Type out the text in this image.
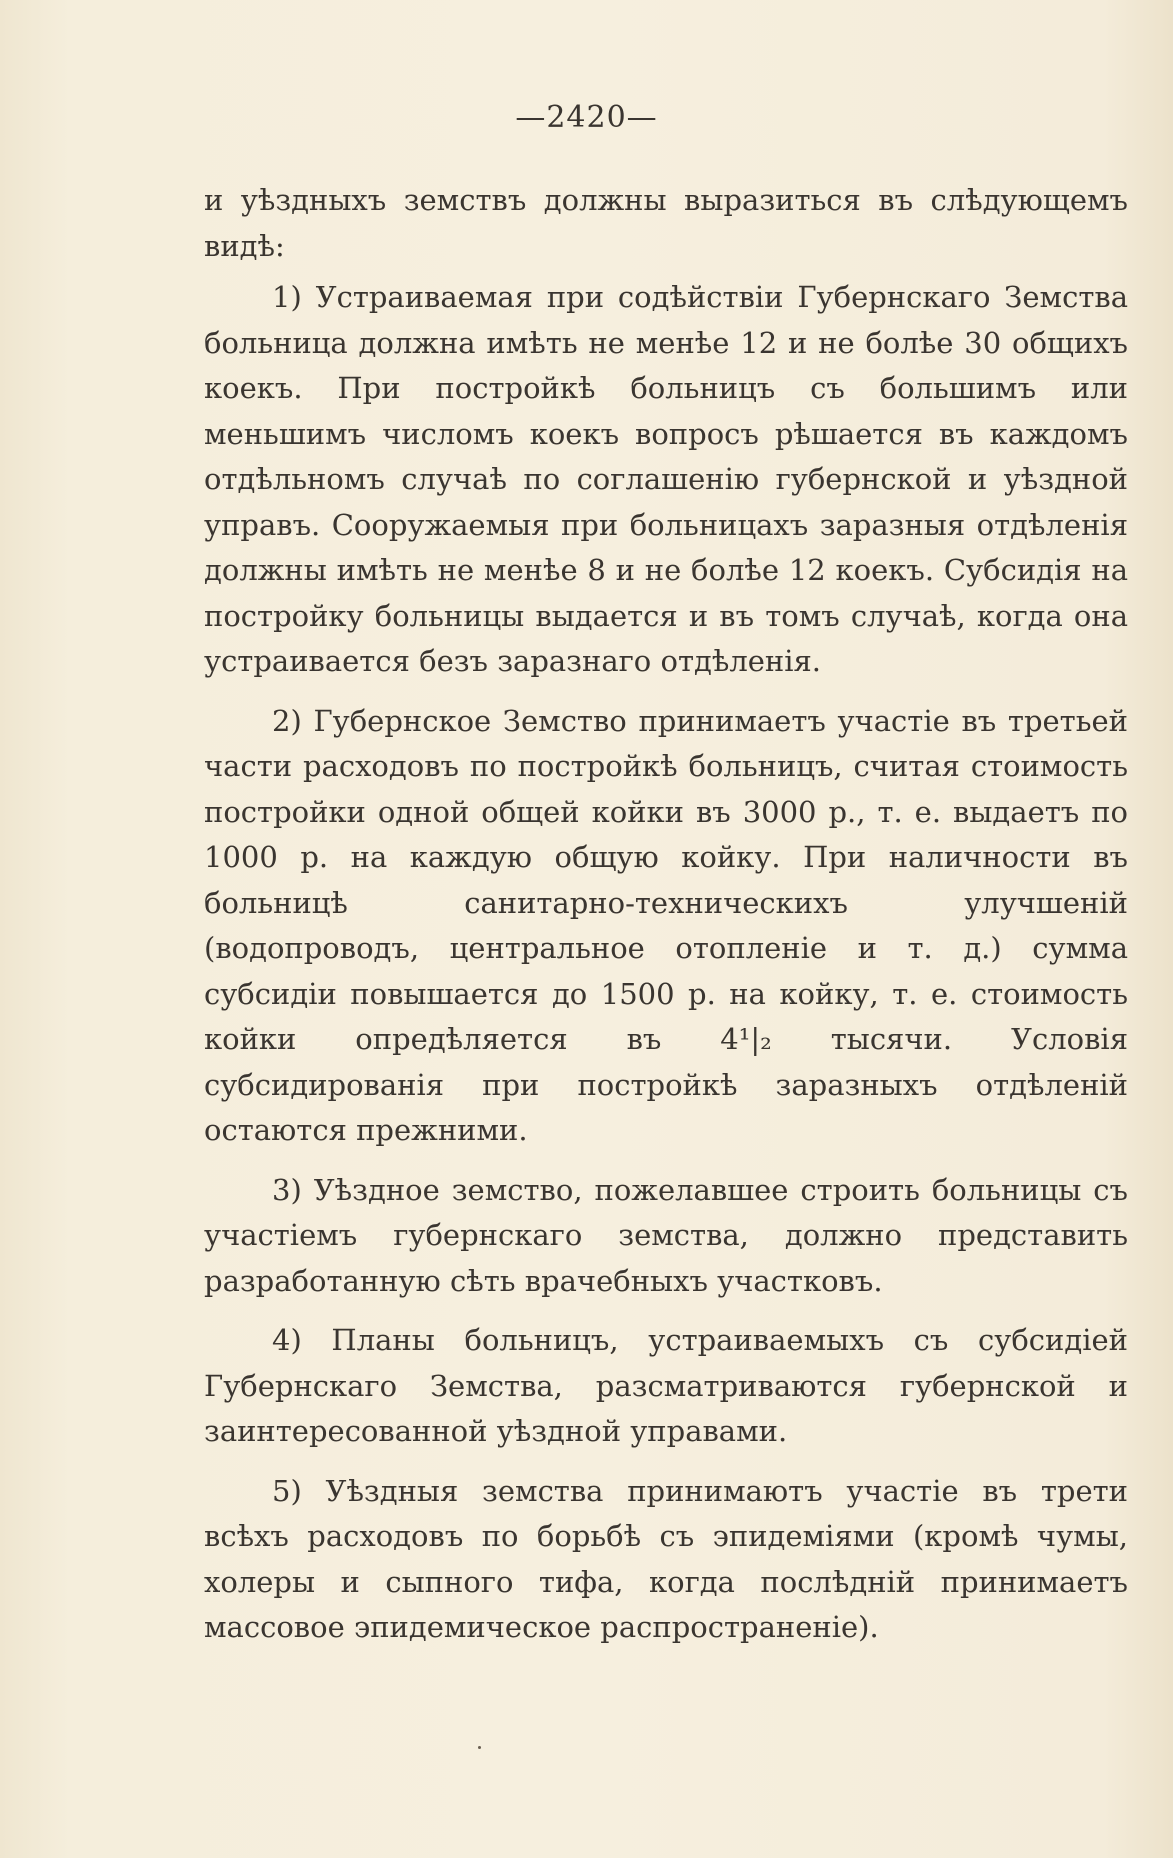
—2420—

и уѣздныхъ земствъ должны выразиться въ слѣдующемъ видѣ:

1) Устраиваемая при содѣйствіи Губернскаго Земства больница должна имѣть не менѣе 12 и не болѣе 30 общихъ коекъ. При постройкѣ больницъ съ большимъ или меньшимъ числомъ коекъ вопросъ рѣшается въ каждомъ отдѣльномъ случаѣ по соглашенію губернской и уѣздной управъ. Сооружаемыя при больницахъ заразныя отдѣленія должны имѣть не менѣе 8 и не болѣе 12 коекъ. Субсидія на постройку больницы выдается и въ томъ случаѣ, когда она устраивается безъ заразнаго отдѣленія.

2) Губернское Земство принимаетъ участіе въ третьей части расходовъ по постройкѣ больницъ, считая стоимость постройки одной общей койки въ 3000 р., т. е. выдаетъ по 1000 р. на каждую общую койку. При наличности въ больницѣ санитарно-техническихъ улучшеній (водопроводъ, центральное отопленіе и т. д.) сумма субсидіи повышается до 1500 р. на койку, т. е. стоимость койки опредѣляется въ 4¹|₂ тысячи. Условія субсидированія при постройкѣ заразныхъ отдѣленій остаются прежними.

3) Уѣздное земство, пожелавшее строить больницы съ участіемъ губернскаго земства, должно представить разработанную сѣть врачебныхъ участковъ.

4) Планы больницъ, устраиваемыхъ съ субсидіей Губернскаго Земства, разсматриваются губернской и заинтересованной уѣздной управами.

5) Уѣздныя земства принимаютъ участіе въ трети всѣхъ расходовъ по борьбѣ съ эпидеміями (кромѣ чумы, холеры и сыпного тифа, когда послѣдній принимаетъ массовое эпидемическое распространеніе).
